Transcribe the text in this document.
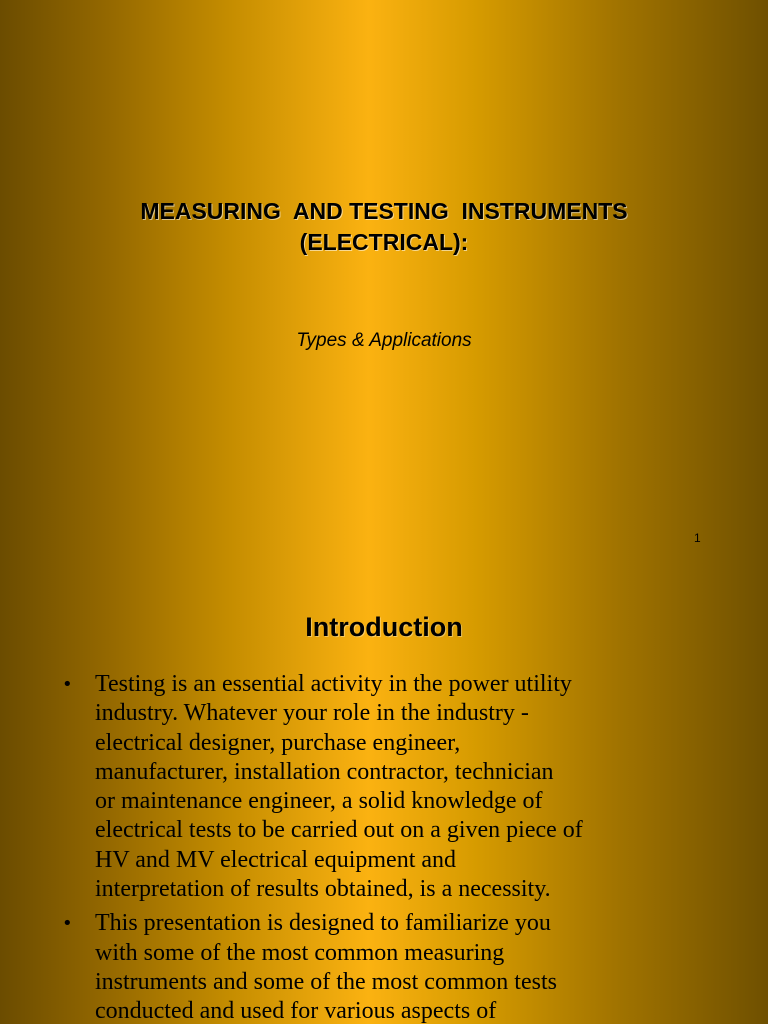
MEASURING  AND TESTING  INSTRUMENTS
(ELECTRICAL):
Types & Applications
1
Introduction
• Testing is an essential activity in the power utility
industry. Whatever your role in the industry -
electrical designer, purchase engineer,
manufacturer, installation contractor, technician
or maintenance engineer, a solid knowledge of
electrical tests to be carried out on a given piece of
HV and MV electrical equipment and
interpretation of results obtained, is a necessity.
• This presentation is designed to familiarize you
with some of the most common measuring
instruments and some of the most common tests
conducted and used for various aspects of
